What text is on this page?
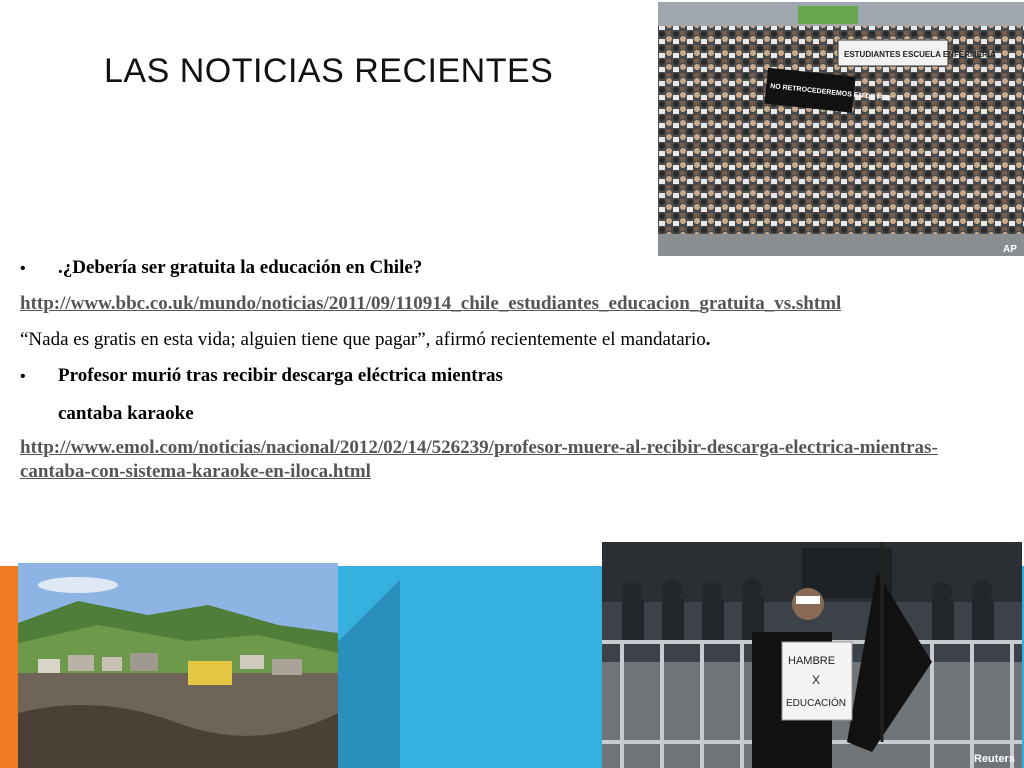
LAS NOTICIAS RECIENTES	ESTUDIANTES ESCUELA ENFERMERIA
NO RETROCEDEREMOS EN DE FEB
AP
•	.¿Debería ser gratuita la educación en Chile?

http://www.bbc.co.uk/mundo/noticias/2011/09/110914_chile_estudiantes_educacion_gratuita_vs.shtml

“Nada es gratis en esta vida; alguien tiene que pagar”, afirmó recientemente el mandatario.

•	Profesor murió tras recibir descarga eléctrica mientras

cantaba karaoke

http://www.emol.com/noticias/nacional/2012/02/14/526239/profesor-muere-al-recibir-descarga-electrica-mientras-cantaba-con-sistema-karaoke-en-iloca.html
HAMBRE
X
EDUCACIÓN
Reuters
